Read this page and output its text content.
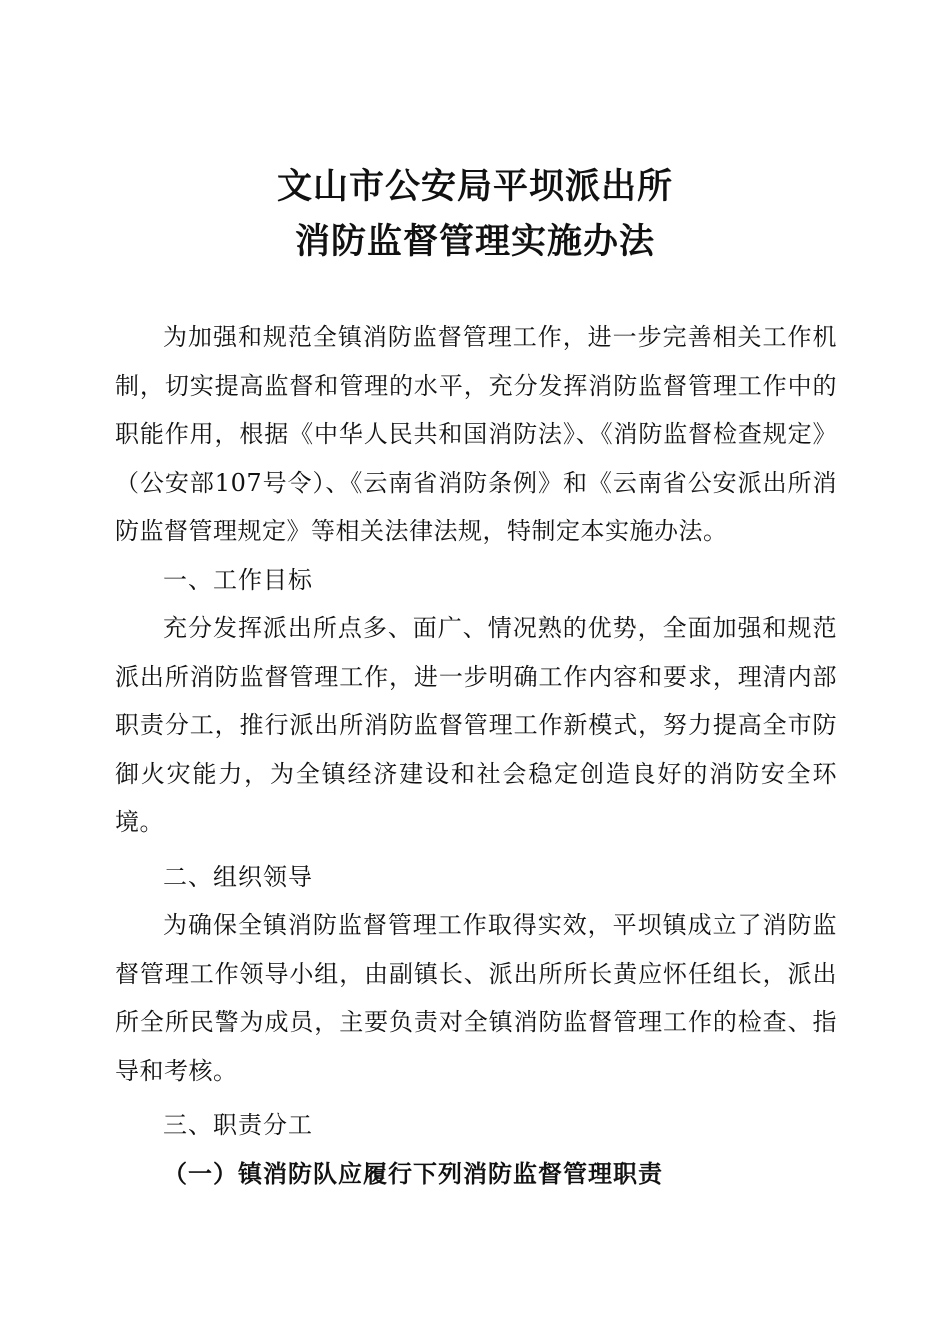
文山市公安局平坝派出所
消防监督管理实施办法

为加强和规范全镇消防监督管理工作，进一步完善相关工作机制，切实提高监督和管理的水平，充分发挥消防监督管理工作中的职能作用，根据《中华人民共和国消防法》、《消防监督检查规定》（公安部107号令）、《云南省消防条例》和《云南省公安派出所消防监督管理规定》等相关法律法规，特制定本实施办法。

一、工作目标

充分发挥派出所点多、面广、情况熟的优势，全面加强和规范派出所消防监督管理工作，进一步明确工作内容和要求，理清内部职责分工，推行派出所消防监督管理工作新模式，努力提高全市防御火灾能力，为全镇经济建设和社会稳定创造良好的消防安全环境。

二、组织领导

为确保全镇消防监督管理工作取得实效，平坝镇成立了消防监督管理工作领导小组，由副镇长、派出所所长黄应怀任组长，派出所全所民警为成员，主要负责对全镇消防监督管理工作的检查、指导和考核。

三、职责分工
（一）镇消防队应履行下列消防监督管理职责
